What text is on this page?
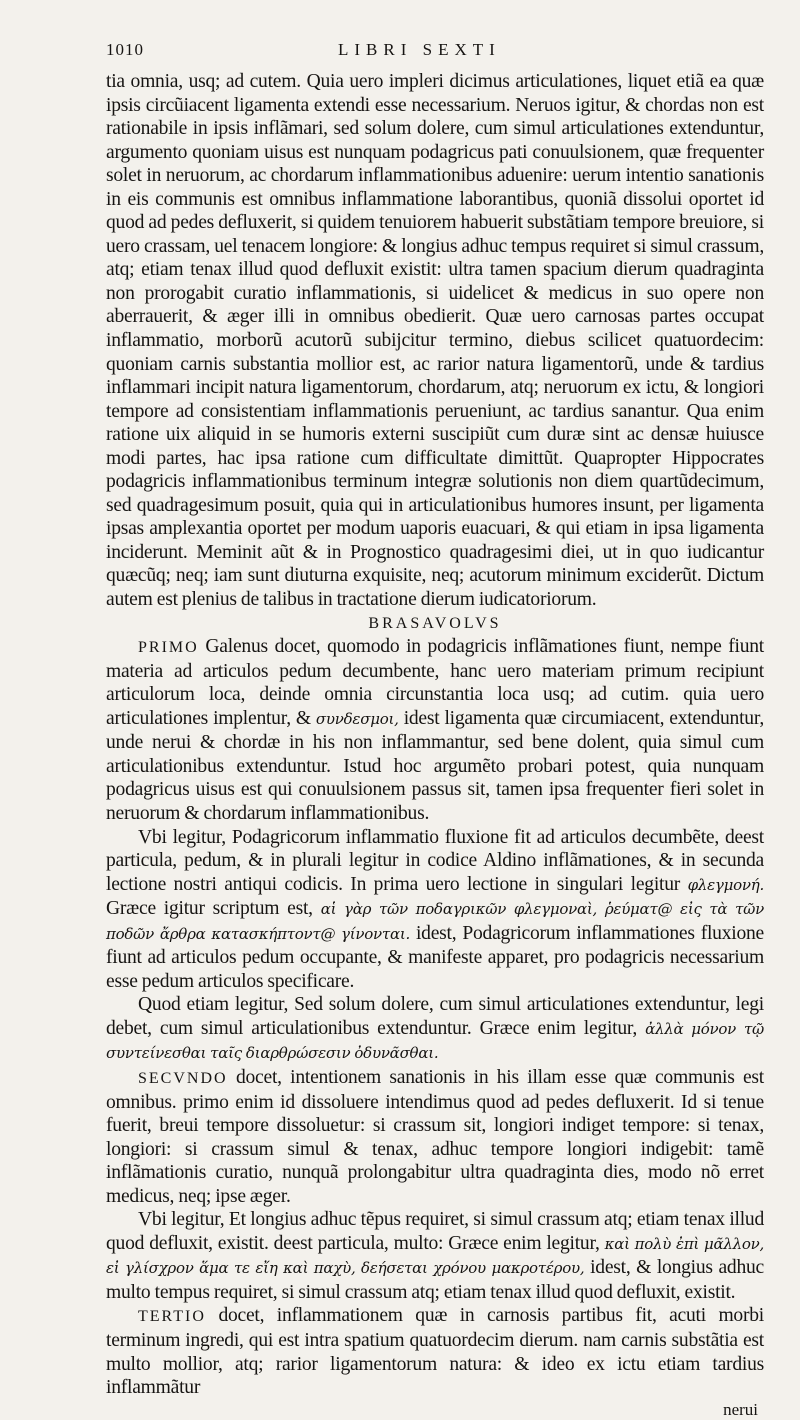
1010	LIBRI SEXTI

tia omnia, usq; ad cutem. Quia uero impleri dicimus articulationes, liquet etiã ea quæ ipsis circũiacent ligamenta extendi esse necessarium. Neruos igitur, & chordas non est rationabile in ipsis inflãmari, sed solum dolere, cum simul articulationes extenduntur, argumento quoniam uisus est nunquam podagricus pati conuulsionem, quæ frequenter solet in neruorum, ac chordarum inflammationibus aduenire: uerum intentio sanationis in eis communis est omnibus inflammatione laborantibus, quoniã dissolui oportet id quod ad pedes defluxerit, si quidem tenuiorem habuerit substãtiam tempore breuiore, si uero crassam, uel tenacem longiore: & longius adhuc tempus requiret si simul crassum, atq; etiam tenax illud quod defluxit existit: ultra tamen spacium dierum quadraginta non prorogabit curatio inflammationis, si uidelicet & medicus in suo opere non aberrauerit, & æger illi in omnibus obedierit. Quæ uero carnosas partes occupat inflammatio, morborũ acutorũ subijcitur termino, diebus scilicet quatuordecim: quoniam carnis substantia mollior est, ac rarior natura ligamentorũ, unde & tardius inflammari incipit natura ligamentorum, chordarum, atq; neruorum ex ictu, & longiori tempore ad consistentiam inflammationis perueniunt, ac tardius sanantur. Qua enim ratione uix aliquid in se humoris externi suscipiũt cum duræ sint ac densæ huiusce modi partes, hac ipsa ratione cum difficultate dimittũt. Quapropter Hippocrates podagricis inflammationibus terminum integræ solutionis non diem quartũdecimum, sed quadragesimum posuit, quia qui in articulationibus humores insunt, per ligamenta ipsas amplexantia oportet per modum uaporis euacuari, & qui etiam in ipsa ligamenta inciderunt. Meminit aũt & in Prognostico quadragesimi diei, ut in quo iudicantur quæcũq; neq; iam sunt diuturna exquisite, neq; acutorum minimum exciderũt. Dictum autem est plenius de talibus in tractatione dierum iudicatoriorum.

BRASAVOLVS

PRIMO Galenus docet, quomodo in podagricis inflãmationes fiunt, nempe fiunt materia ad articulos pedum decumbente, hanc uero materiam primum recipiunt articulorum loca, deinde omnia circunstantia loca usq; ad cutim. quia uero articulationes implentur, & συνδεσμοι, idest ligamenta quæ circumiacent, extenduntur, unde nerui & chordæ in his non inflammantur, sed bene dolent, quia simul cum articulationibus extenduntur. Istud hoc argumẽto probari potest, quia nunquam podagricus uisus est qui conuulsionem passus sit, tamen ipsa frequenter fieri solet in neruorum & chordarum inflammationibus.

Vbi legitur, Podagricorum inflammatio fluxione fit ad articulos decumbẽte, deest particula, pedum, & in plurali legitur in codice Aldino inflãmationes, & in secunda lectione nostri antiqui codicis. In prima uero lectione in singulari legitur φλεγμονή. Græce igitur scriptum est, αἱ γὰρ τῶν ποδαγρικῶν φλεγμοναὶ, ῥεύματ@ εἰς τὰ τῶν ποδῶν ἄρθρα κατασκήπτοντ@ γίνονται. idest, Podagricorum inflammationes fluxione fiunt ad articulos pedum occupante, & manifeste apparet, pro podagricis necessarium esse pedum articulos specificare.

Quod etiam legitur, Sed solum dolere, cum simul articulationes extenduntur, legi debet, cum simul articulationibus extenduntur. Græce enim legitur, ἀλλὰ μόνον τῷ συντείνεσθαι ταῖς διαρθρώσεσιν ὀδυνᾶσθαι.

SECVNDO docet, intentionem sanationis in his illam esse quæ communis est omnibus. primo enim id dissoluere intendimus quod ad pedes defluxerit. Id si tenue fuerit, breui tempore dissoluetur: si crassum sit, longiori indiget tempore: si tenax, longiori: si crassum simul & tenax, adhuc tempore longiori indigebit: tamẽ inflãmationis curatio, nunquã prolongabitur ultra quadraginta dies, modo nõ erret medicus, neq; ipse æger.

Vbi legitur, Et longius adhuc tẽpus requiret, si simul crassum atq; etiam tenax illud quod defluxit, existit. deest particula, multo: Græce enim legitur, καὶ πολὺ ἐπὶ μᾶλλον, εἰ γλίσχρον ἅμα τε εἴη καὶ παχὺ, δεήσεται χρόνου μακροτέρου, idest, & longius adhuc multo tempus requiret, si simul crassum atq; etiam tenax illud quod defluxit, existit.

TERTIO docet, inflammationem quæ in carnosis partibus fit, acuti morbi terminum ingredi, qui est intra spatium quatuordecim dierum. nam carnis substãtia est multo mollior, atq; rarior ligamentorum natura: & ideo ex ictu etiam tardius inflammãtur

nerui
